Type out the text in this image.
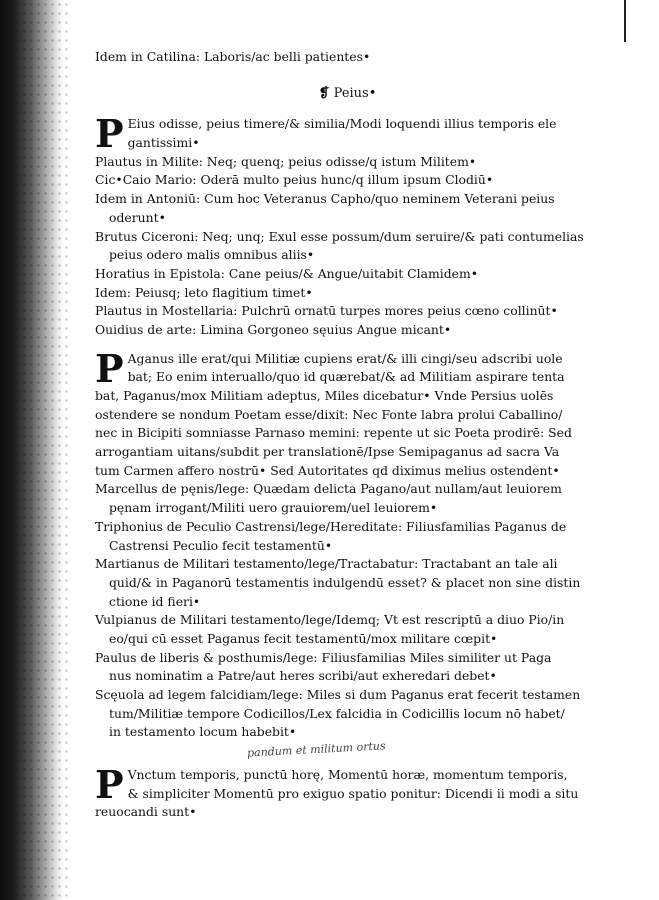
Idem in Catilina: Laboris/ac belli patientes•
❡ Peius•
P Eius odisse, peius timere/& similia/Modi loquendi illius temporis ele
gantissimi•
Plautus in Milite: Neq; quenq; peius odisse/q istum Militem•
Cic•Caio Mario: Oderā multo peius hunc/q illum ipsum Clodiū•
Idem in Antoniū: Cum hoc Veteranus Capho/quo neminem Veterani peius
oderunt•
Brutus Ciceroni: Neq; unq; Exul esse possum/dum seruire/& pati contumelias
peius odero malis omnibus aliis•
Horatius in Epistola: Cane peius/& Angue/uitabit Clamidem•
Idem: Peiusq; leto flagitium timet•
Plautus in Mostellaria: Pulchrū ornatū turpes mores peius cœno collinūt•
Ouidius de arte: Limina Gorgoneo sęuius Angue micant•
P Aganus ille erat/qui Militiæ cupiens erat/& illi cingi/seu adscribi uole
bat; Eo enim interuallo/quo id quærebat/& ad Militiam aspirare tenta
bat, Paganus/mox Militiam adeptus, Miles dicebatur• Vnde Persius uolēs
ostendere se nondum Poetam esse/dixit: Nec Fonte labra prolui Caballino/
nec in Bicipiti somniasse Parnaso memini: repente ut sic Poeta prodirē: Sed
arrogantiam uitans/subdit per translationē/Ipse Semipaganus ad sacra Va
tum Carmen affero nostrū• Sed Autoritates qd diximus melius ostendent•
Marcellus de pęnis/lege: Quædam delicta Pagano/aut nullam/aut leuiorem
pęnam irrogant/Militi uero grauiorem/uel leuiorem•
Triphonius de Peculio Castrensi/lege/Hereditate: Filiusfamilias Paganus de
Castrensi Peculio fecit testamentū•
Martianus de Militari testamento/lege/Tractabatur: Tractabant an tale ali
quid/& in Paganorū testamentis indulgendū esset? & placet non sine distin
ctione id fieri•
Vulpianus de Militari testamento/lege/Idemq; Vt est rescriptū a diuo Pio/in
eo/qui cū esset Paganus fecit testamentū/mox militare cœpit•
Paulus de liberis & posthumis/lege: Filiusfamilias Miles similiter ut Paga
nus nominatim a Patre/aut heres scribi/aut exheredari debet•
Scęuola ad legem falcidiam/lege: Miles si dum Paganus erat fecerit testamen
tum/Militiæ tempore Codicillos/Lex falcidia in Codicillis locum nō habet/
in testamento locum habebit•
P Vnctum temporis, punctū horę, Momentū horæ, momentum temporis,
& simpliciter Momentū pro exiguo spatio ponitur: Dicendi ii modi a situ
reuocandi sunt•
pandum et militum ortus
